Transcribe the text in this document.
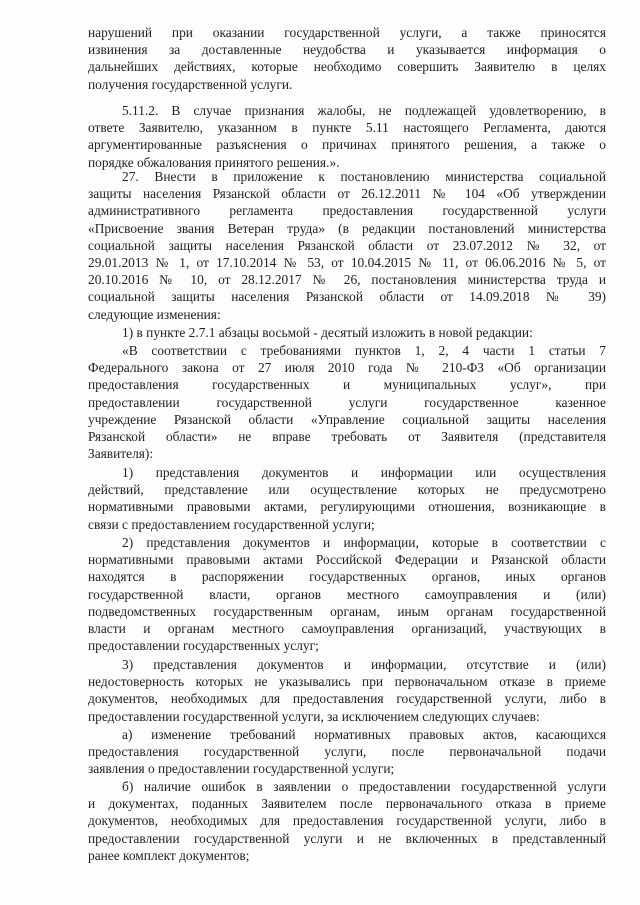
нарушений при оказании государственной услуги, а также приносятся
извинения за доставленные неудобства и указывается информация о
дальнейших действиях, которые необходимо совершить Заявителю в целях
получения государственной услуги.
5.11.2. В случае признания жалобы, не подлежащей удовлетворению, в
ответе Заявителю, указанном в пункте 5.11 настоящего Регламента, даются
аргументированные разъяснения о причинах принятого решения, а также о
порядке обжалования принятого решения.».
27. Внести в приложение к постановлению министерства социальной
защиты населения Рязанской области от 26.12.2011 № 104 «Об утверждении
административного регламента предоставления государственной услуги
«Присвоение звания Ветеран труда» (в редакции постановлений министерства
социальной защиты населения Рязанской области от 23.07.2012 № 32, от
29.01.2013 № 1, от 17.10.2014 № 53, от 10.04.2015 № 11, от 06.06.2016 № 5, от
20.10.2016 № 10, от 28.12.2017 № 26, постановления министерства труда и
социальной защиты населения Рязанской области от 14.09.2018 № 39)
следующие изменения:
1) в пункте 2.7.1 абзацы восьмой - десятый изложить в новой редакции:
«В соответствии с требованиями пунктов 1, 2, 4 части 1 статьи 7
Федерального закона от 27 июля 2010 года № 210-ФЗ «Об организации
предоставления государственных и муниципальных услуг», при
предоставлении государственной услуги государственное казенное
учреждение Рязанской области «Управление социальной защиты населения
Рязанской области» не вправе требовать от Заявителя (представителя
Заявителя):
1) представления документов и информации или осуществления
действий, представление или осуществление которых не предусмотрено
нормативными правовыми актами, регулирующими отношения, возникающие в
связи с предоставлением государственной услуги;
2) представления документов и информации, которые в соответствии с
нормативными правовыми актами Российской Федерации и Рязанской области
находятся в распоряжении государственных органов, иных органов
государственной власти, органов местного самоуправления и (или)
подведомственных государственным органам, иным органам государственной
власти и органам местного самоуправления организаций, участвующих в
предоставлении государственных услуг;
3) представления документов и информации, отсутствие и (или)
недостоверность которых не указывались при первоначальном отказе в приеме
документов, необходимых для предоставления государственной услуги, либо в
предоставлении государственной услуги, за исключением следующих случаев:
а) изменение требований нормативных правовых актов, касающихся
предоставления государственной услуги, после первоначальной подачи
заявления о предоставлении государственной услуги;
б) наличие ошибок в заявлении о предоставлении государственной услуги
и документах, поданных Заявителем после первоначального отказа в приеме
документов, необходимых для предоставления государственной услуги, либо в
предоставлении государственной услуги и не включенных в представленный
ранее комплект документов;
